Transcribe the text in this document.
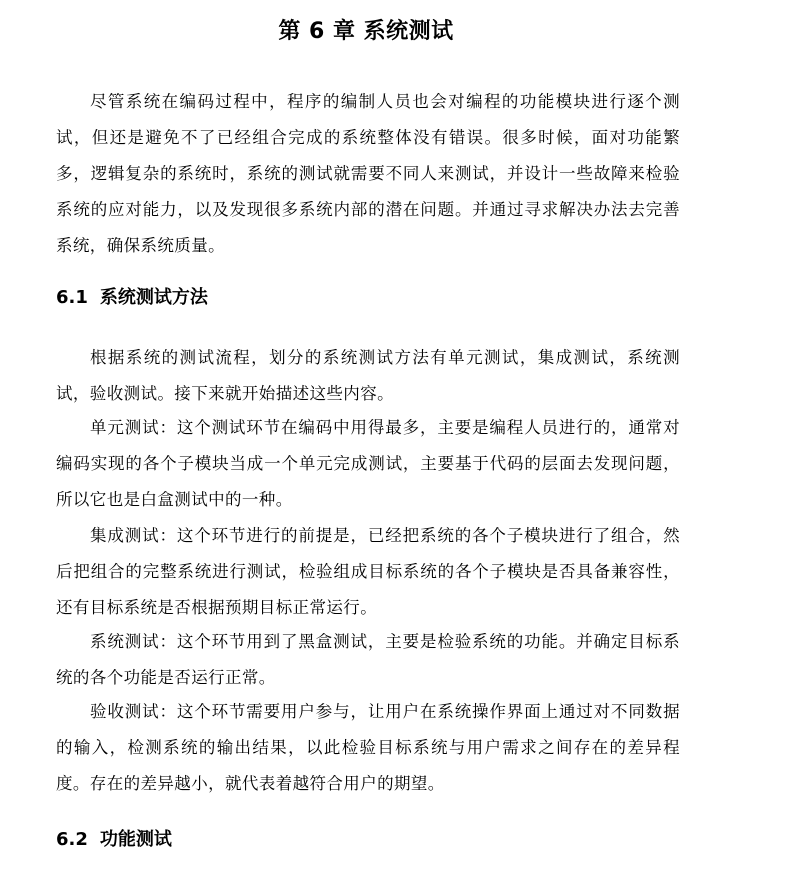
第 6 章 系统测试

尽管系统在编码过程中，程序的编制人员也会对编程的功能模块进行逐个测试，但还是避免不了已经组合完成的系统整体没有错误。很多时候，面对功能繁多，逻辑复杂的系统时，系统的测试就需要不同人来测试，并设计一些故障来检验系统的应对能力，以及发现很多系统内部的潜在问题。并通过寻求解决办法去完善系统，确保系统质量。

6.1 系统测试方法

根据系统的测试流程，划分的系统测试方法有单元测试，集成测试，系统测试，验收测试。接下来就开始描述这些内容。

单元测试：这个测试环节在编码中用得最多，主要是编程人员进行的，通常对编码实现的各个子模块当成一个单元完成测试，主要基于代码的层面去发现问题，所以它也是白盒测试中的一种。

集成测试：这个环节进行的前提是，已经把系统的各个子模块进行了组合，然后把组合的完整系统进行测试，检验组成目标系统的各个子模块是否具备兼容性，还有目标系统是否根据预期目标正常运行。

系统测试：这个环节用到了黑盒测试，主要是检验系统的功能。并确定目标系统的各个功能是否运行正常。

验收测试：这个环节需要用户参与，让用户在系统操作界面上通过对不同数据的输入，检测系统的输出结果，以此检验目标系统与用户需求之间存在的差异程度。存在的差异越小，就代表着越符合用户的期望。

6.2 功能测试
